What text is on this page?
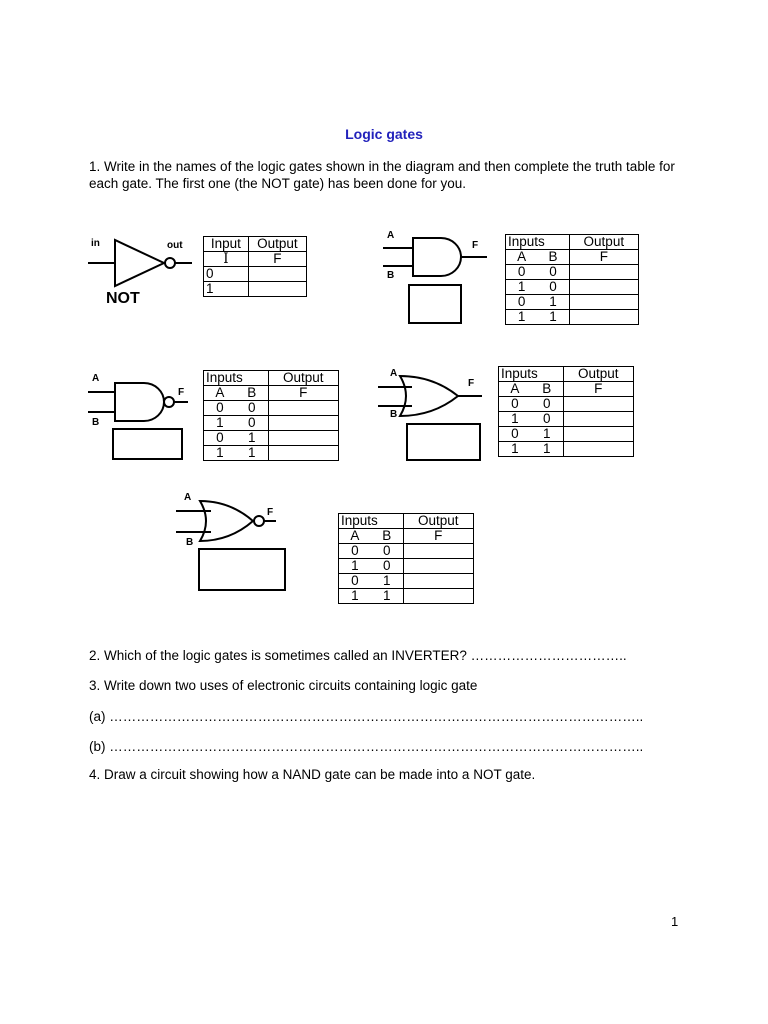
Logic gates
1. Write in the names of the logic gates shown in the diagram and then complete the truth table for each gate. The first one (the NOT gate) has been done for you.
in	out
NOT
Input	Output
I	F
0	
1	
A
B
F Inputs		Output
A	B	F
0	0	
1	0	
0	1	
1	1	
A
B
F
Inputs		Output
A	B	F
0	0	
1	0	
0	1	
1	1	
A
B
F
Inputs		Output
A	B	F
0	0	
1	0	
0	1	
1	1	
A
B
F
Inputs		Output
A	B	F
0	0	
1	0	
0	1	
1	1	
2. Which of the logic gates is sometimes called an INVERTER? ……………………………..
3. Write down two uses of electronic circuits containing logic gate
(a) ………………………………………………………………………………………………………..
(b) ………………………………………………………………………………………………………..
4. Draw a circuit showing how a NAND gate can be made into a NOT gate.
1
